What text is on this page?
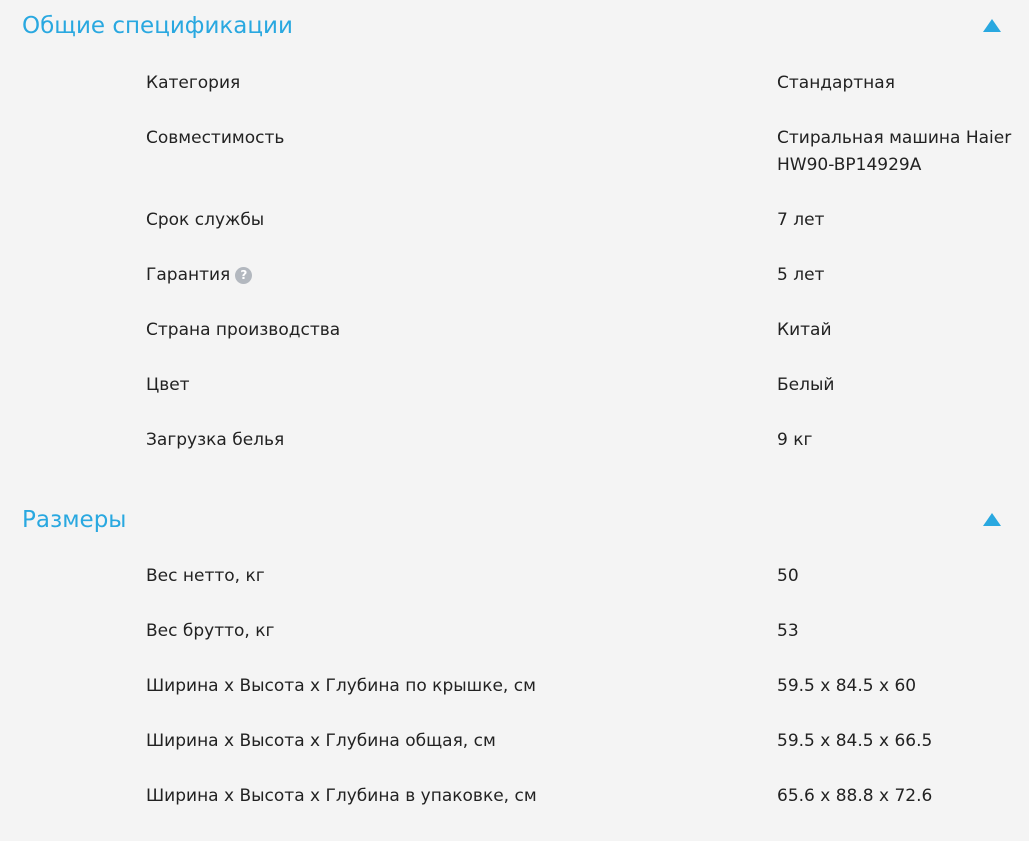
Общие спецификации
Категория	Стандартная
Совместимость	Стиральная машина Haier HW90-BP14929A
Срок службы	7 лет
Гарантия ?	5 лет
Страна производства	Китай
Цвет	Белый
Загрузка белья	9 кг
Размеры
Вес нетто, кг	50
Вес брутто, кг	53
Ширина х Высота х Глубина по крышке, см	59.5 x 84.5 x 60
Ширина х Высота х Глубина общая, см	59.5 x 84.5 x 66.5
Ширина х Высота х Глубина в упаковке, см	65.6 x 88.8 x 72.6
